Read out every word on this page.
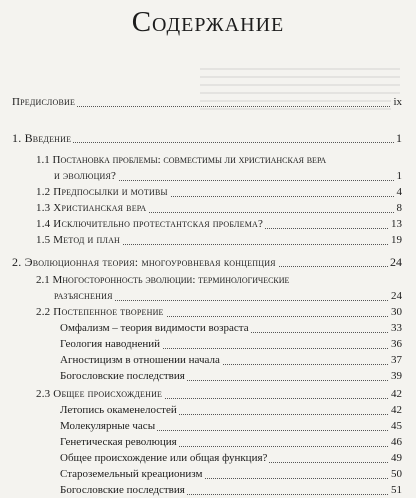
Содержание
Предисловие	ix
1. Введение	1
1.1 Постановка проблемы: совместимы ли христианская вера
и эволюция?	1
1.2 Предпосылки и мотивы	4
1.3 Христианская вера	8
1.4 Исключительно протестантская проблема?	13
1.5 Метод и план	19
2. Эволюционная теория: многоуровневая концепция	24
2.1 Многосторонность эволюции: терминологические
разъяснения	24
2.2 Постепенное творение	30
Омфализм – теория видимости возраста	33
Геология наводнений	36
Агностицизм в отношении начала	37
Богословские последствия	39
2.3 Общее происхождение	42
Летопись окаменелостей	42
Молекулярные часы	45
Генетическая революция	46
Общее происхождение или общая функция?	49
Староземельный креационизм	50
Богословские последствия	51
